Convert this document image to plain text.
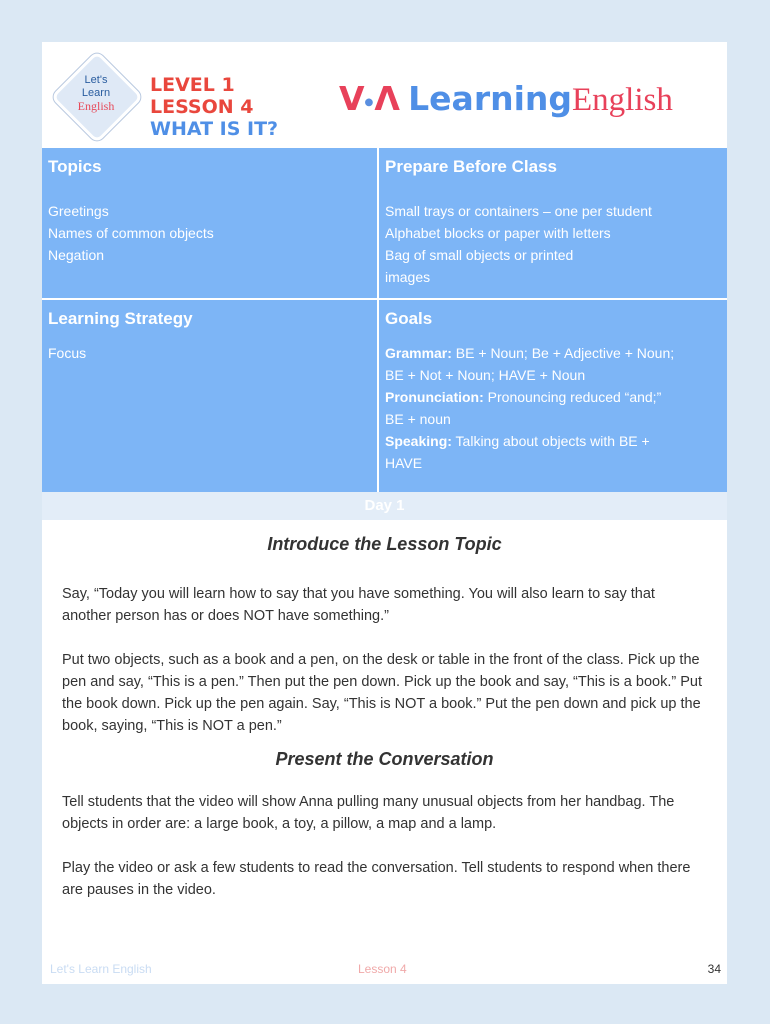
Let's
Learn
English
LEVEL 1
LESSON 4
WHAT IS IT?
V●Λ LearningEnglish
Topics
Greetings
Names of common objects
Negation
Prepare Before Class
Small trays or containers – one per student
Alphabet blocks or paper with letters
Bag of small objects or printed
images
Learning Strategy
Focus
Goals
Grammar: BE + Noun; Be + Adjective + Noun;
BE + Not + Noun; HAVE + Noun
Pronunciation: Pronouncing reduced “and;”
BE + noun
Speaking: Talking about objects with BE +
HAVE
Day 1
Introduce the Lesson Topic
Say, “Today you will learn how to say that you have something. You will also learn to say that another person has or does NOT have something.”
Put two objects, such as a book and a pen, on the desk or table in the front of the class. Pick up the pen and say, “This is a pen.” Then put the pen down. Pick up the book and say, “This is a book.” Put the book down. Pick up the pen again. Say, “This is NOT a book.” Put the pen down and pick up the book, saying, “This is NOT a pen.”
Present the Conversation
Tell students that the video will show Anna pulling many unusual objects from her handbag. The objects in order are: a large book, a toy, a pillow, a map and a lamp.
Play the video or ask a few students to read the conversation. Tell students to respond when there are pauses in the video.
Let's Learn English	Lesson 4	34
